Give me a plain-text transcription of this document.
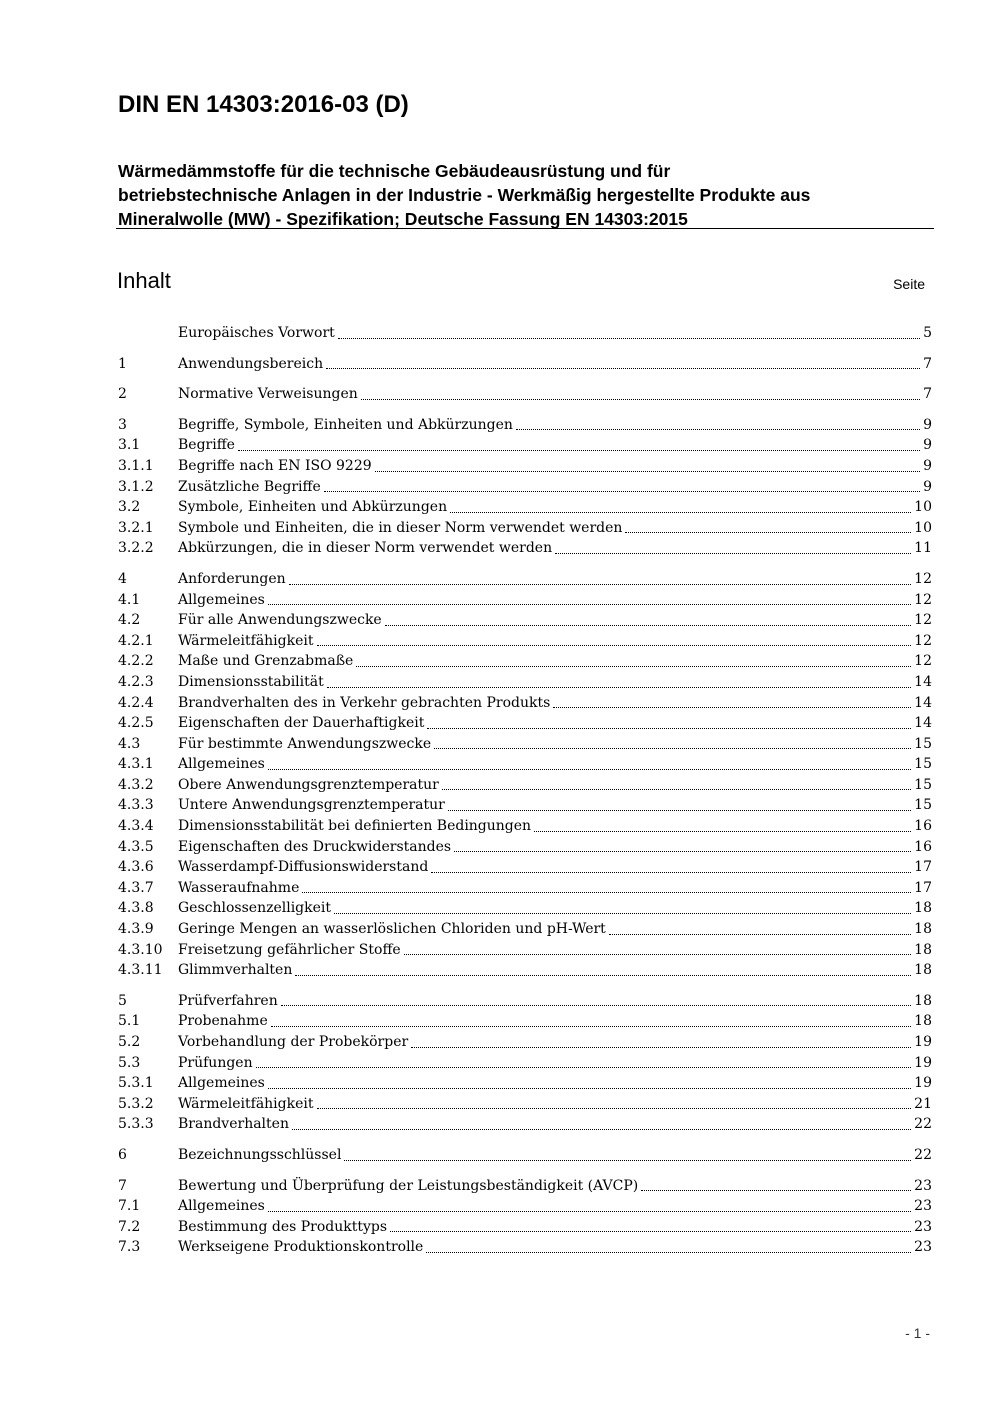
DIN EN 14303:2016-03 (D)
Wärmedämmstoffe für die technische Gebäudeausrüstung und für
betriebstechnische Anlagen in der Industrie - Werkmäßig hergestellte Produkte aus
Mineralwolle (MW) - Spezifikation; Deutsche Fassung EN 14303:2015
Inhalt	Seite
Europäisches Vorwort	5
1	Anwendungsbereich	7
2	Normative Verweisungen	7
3	Begriffe, Symbole, Einheiten und Abkürzungen	9
3.1	Begriffe	9
3.1.1	Begriffe nach EN ISO 9229	9
3.1.2	Zusätzliche Begriffe	9
3.2	Symbole, Einheiten und Abkürzungen	10
3.2.1	Symbole und Einheiten, die in dieser Norm verwendet werden	10
3.2.2	Abkürzungen, die in dieser Norm verwendet werden	11
4	Anforderungen	12
4.1	Allgemeines	12
4.2	Für alle Anwendungszwecke	12
4.2.1	Wärmeleitfähigkeit	12
4.2.2	Maße und Grenzabmaße	12
4.2.3	Dimensionsstabilität	14
4.2.4	Brandverhalten des in Verkehr gebrachten Produkts	14
4.2.5	Eigenschaften der Dauerhaftigkeit	14
4.3	Für bestimmte Anwendungszwecke	15
4.3.1	Allgemeines	15
4.3.2	Obere Anwendungsgrenztemperatur	15
4.3.3	Untere Anwendungsgrenztemperatur	15
4.3.4	Dimensionsstabilität bei definierten Bedingungen	16
4.3.5	Eigenschaften des Druckwiderstandes	16
4.3.6	Wasserdampf-Diffusionswiderstand	17
4.3.7	Wasseraufnahme	17
4.3.8	Geschlossenzelligkeit	18
4.3.9	Geringe Mengen an wasserlöslichen Chloriden und pH-Wert	18
4.3.10	Freisetzung gefährlicher Stoffe	18
4.3.11	Glimmverhalten	18
5	Prüfverfahren	18
5.1	Probenahme	18
5.2	Vorbehandlung der Probekörper	19
5.3	Prüfungen	19
5.3.1	Allgemeines	19
5.3.2	Wärmeleitfähigkeit	21
5.3.3	Brandverhalten	22
6	Bezeichnungsschlüssel	22
7	Bewertung und Überprüfung der Leistungsbeständigkeit (AVCP)	23
7.1	Allgemeines	23
7.2	Bestimmung des Produkttyps	23
7.3	Werkseigene Produktionskontrolle	23
- 1 -
